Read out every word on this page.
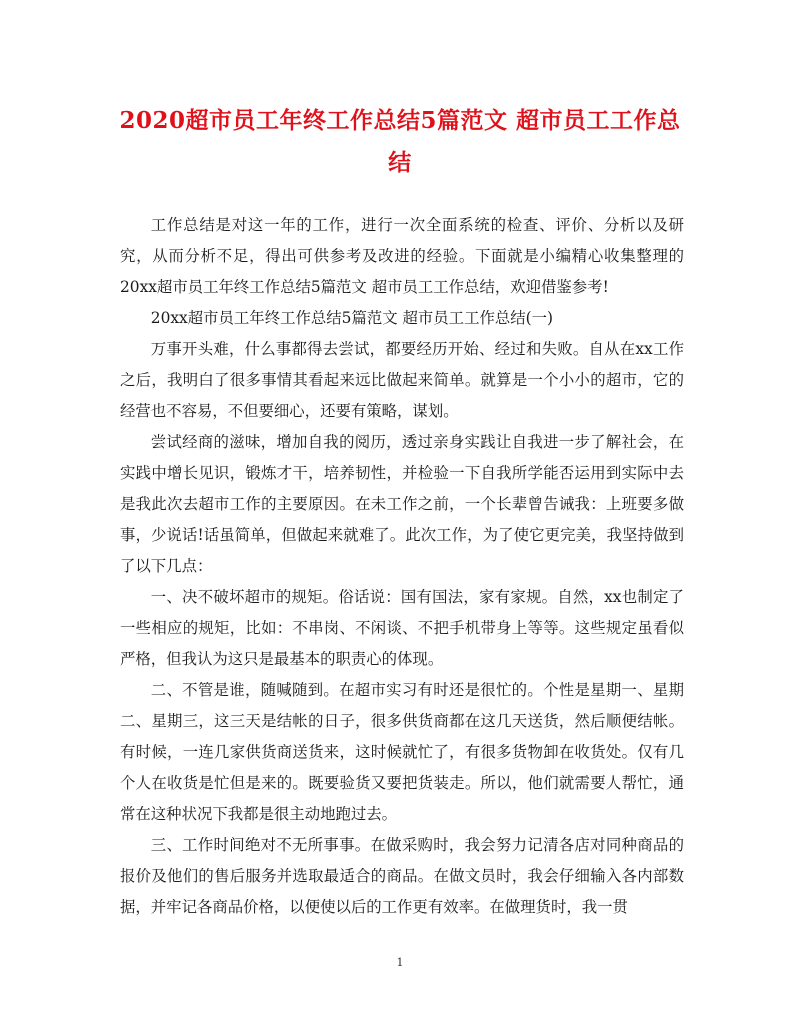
2020超市员工年终工作总结5篇范文 超市员工工作总结

工作总结是对这一年的工作，进行一次全面系统的检查、评价、分析以及研究，从而分析不足，得出可供参考及改进的经验。下面就是小编精心收集整理的20xx超市员工年终工作总结5篇范文 超市员工工作总结，欢迎借鉴参考!

20xx超市员工年终工作总结5篇范文 超市员工工作总结(一)

万事开头难，什么事都得去尝试，都要经历开始、经过和失败。自从在xx工作之后，我明白了很多事情其看起来远比做起来简单。就算是一个小小的超市，它的经营也不容易，不但要细心，还要有策略，谋划。

尝试经商的滋味，增加自我的阅历，透过亲身实践让自我进一步了解社会，在实践中增长见识，锻炼才干，培养韧性，并检验一下自我所学能否运用到实际中去是我此次去超市工作的主要原因。在未工作之前，一个长辈曾告诫我：上班要多做事，少说话!话虽简单，但做起来就难了。此次工作，为了使它更完美，我坚持做到了以下几点：

一、决不破坏超市的规矩。俗话说：国有国法，家有家规。自然，xx也制定了一些相应的规矩，比如：不串岗、不闲谈、不把手机带身上等等。这些规定虽看似严格，但我认为这只是最基本的职责心的体现。

二、不管是谁，随喊随到。在超市实习有时还是很忙的。个性是星期一、星期二、星期三，这三天是结帐的日子，很多供货商都在这几天送货，然后顺便结帐。有时候，一连几家供货商送货来，这时候就忙了，有很多货物卸在收货处。仅有几个人在收货是忙但是来的。既要验货又要把货装走。所以，他们就需要人帮忙，通常在这种状况下我都是很主动地跑过去。

三、工作时间绝对不无所事事。在做采购时，我会努力记清各店对同种商品的报价及他们的售后服务并选取最适合的商品。在做文员时，我会仔细输入各内部数据，并牢记各商品价格，以便使以后的工作更有效率。在做理货时，我一贯

1
